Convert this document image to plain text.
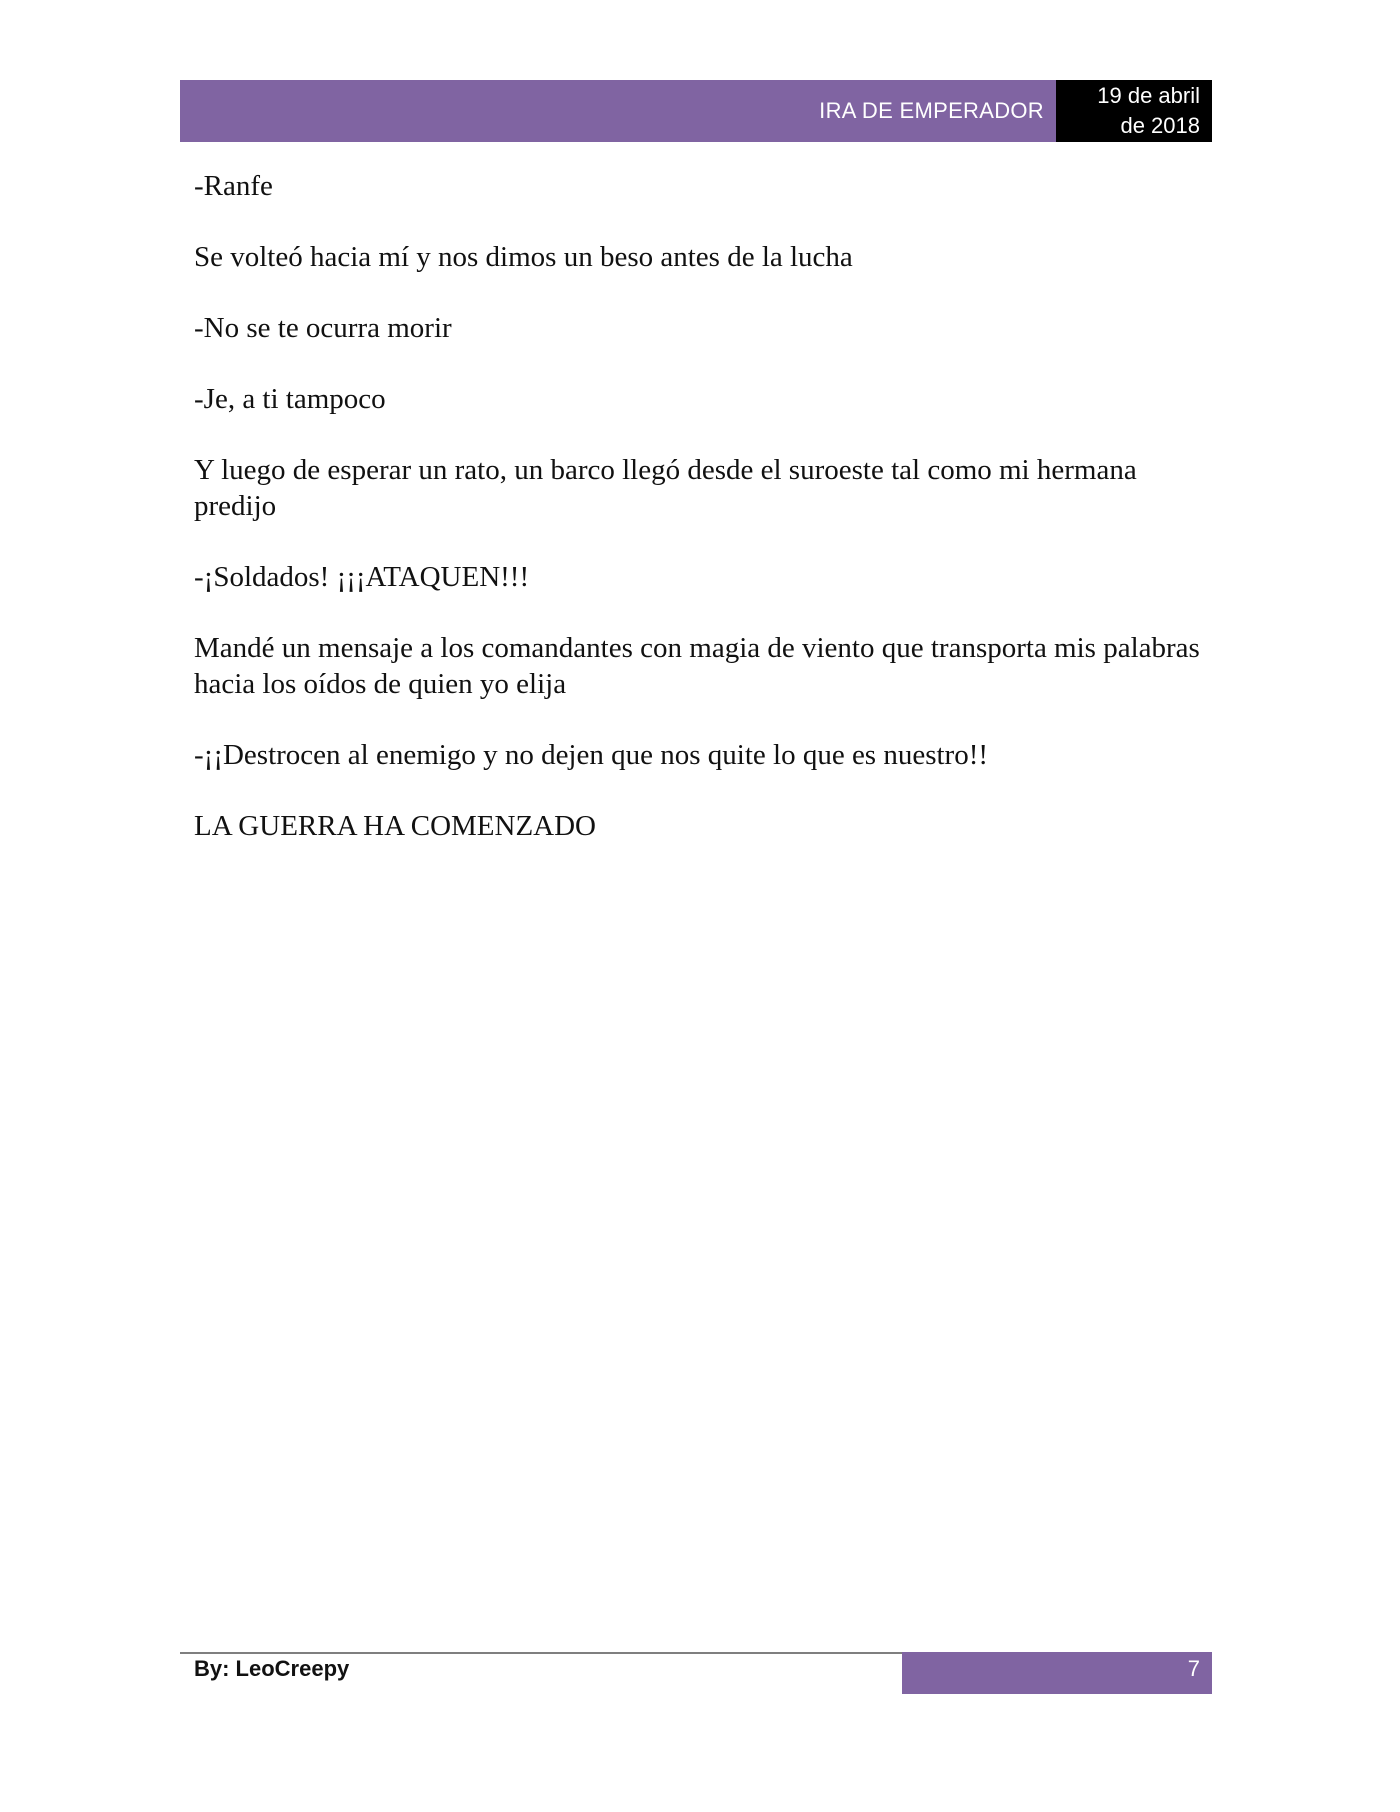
IRA DE EMPERADOR
19 de abril
de 2018

-Ranfe

Se volteó hacia mí y nos dimos un beso antes de la lucha

-No se te ocurra morir

-Je, a ti tampoco

Y luego de esperar un rato, un barco llegó desde el suroeste tal como mi hermana predijo

-¡Soldados! ¡¡¡ATAQUEN!!!

Mandé un mensaje a los comandantes con magia de viento que transporta mis palabras hacia los oídos de quien yo elija

-¡¡Destrocen al enemigo y no dejen que nos quite lo que es nuestro!!

LA GUERRA HA COMENZADO

By: LeoCreepy	7
